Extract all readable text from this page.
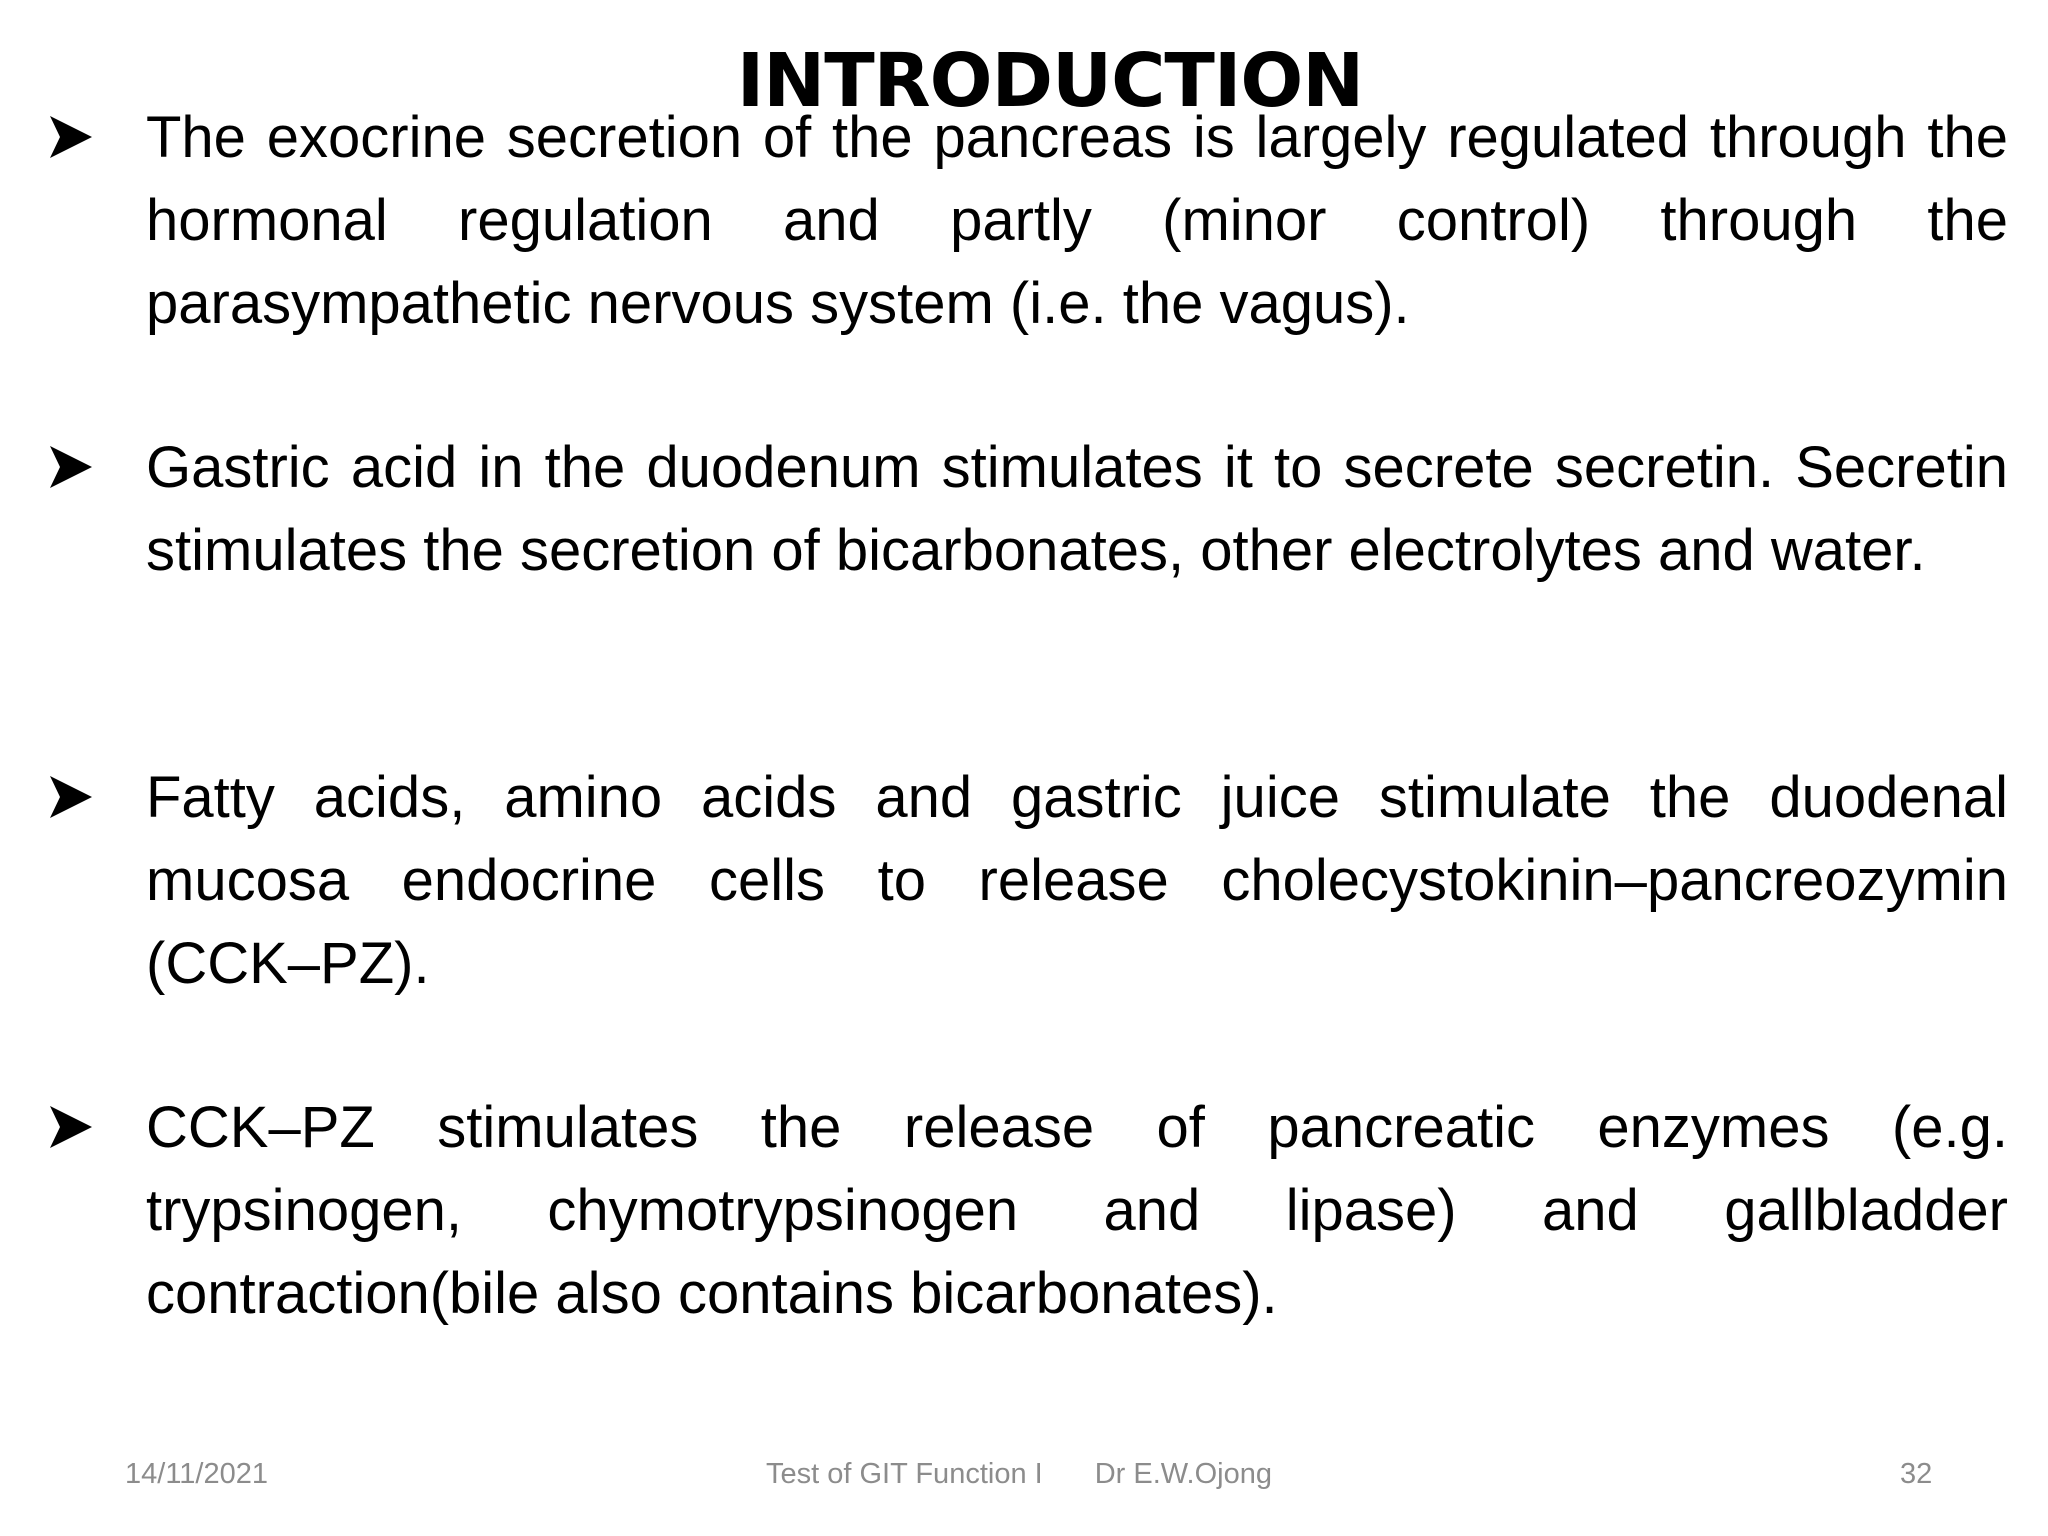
The exocrine secretion of the pancreas is largely regulated through the hormonal regulation and partly (minor control) through the parasympathetic nervous system (i.e. the vagus).
Gastric acid in the duodenum stimulates it to secrete secretin. Secretin stimulates the secretion of bicarbonates, other electrolytes and water.
Fatty acids, amino acids and gastric juice stimulate the duodenal mucosa endocrine cells to release cholecystokinin–pancreozymin (CCK–PZ).
CCK–PZ stimulates the release of pancreatic enzymes (e.g. trypsinogen, chymotrypsinogen and lipase) and gallbladder contraction(bile also contains bicarbonates).
INTRODUCTION
14/11/2021	Test of GIT Function I Dr E.W.Ojong	32
